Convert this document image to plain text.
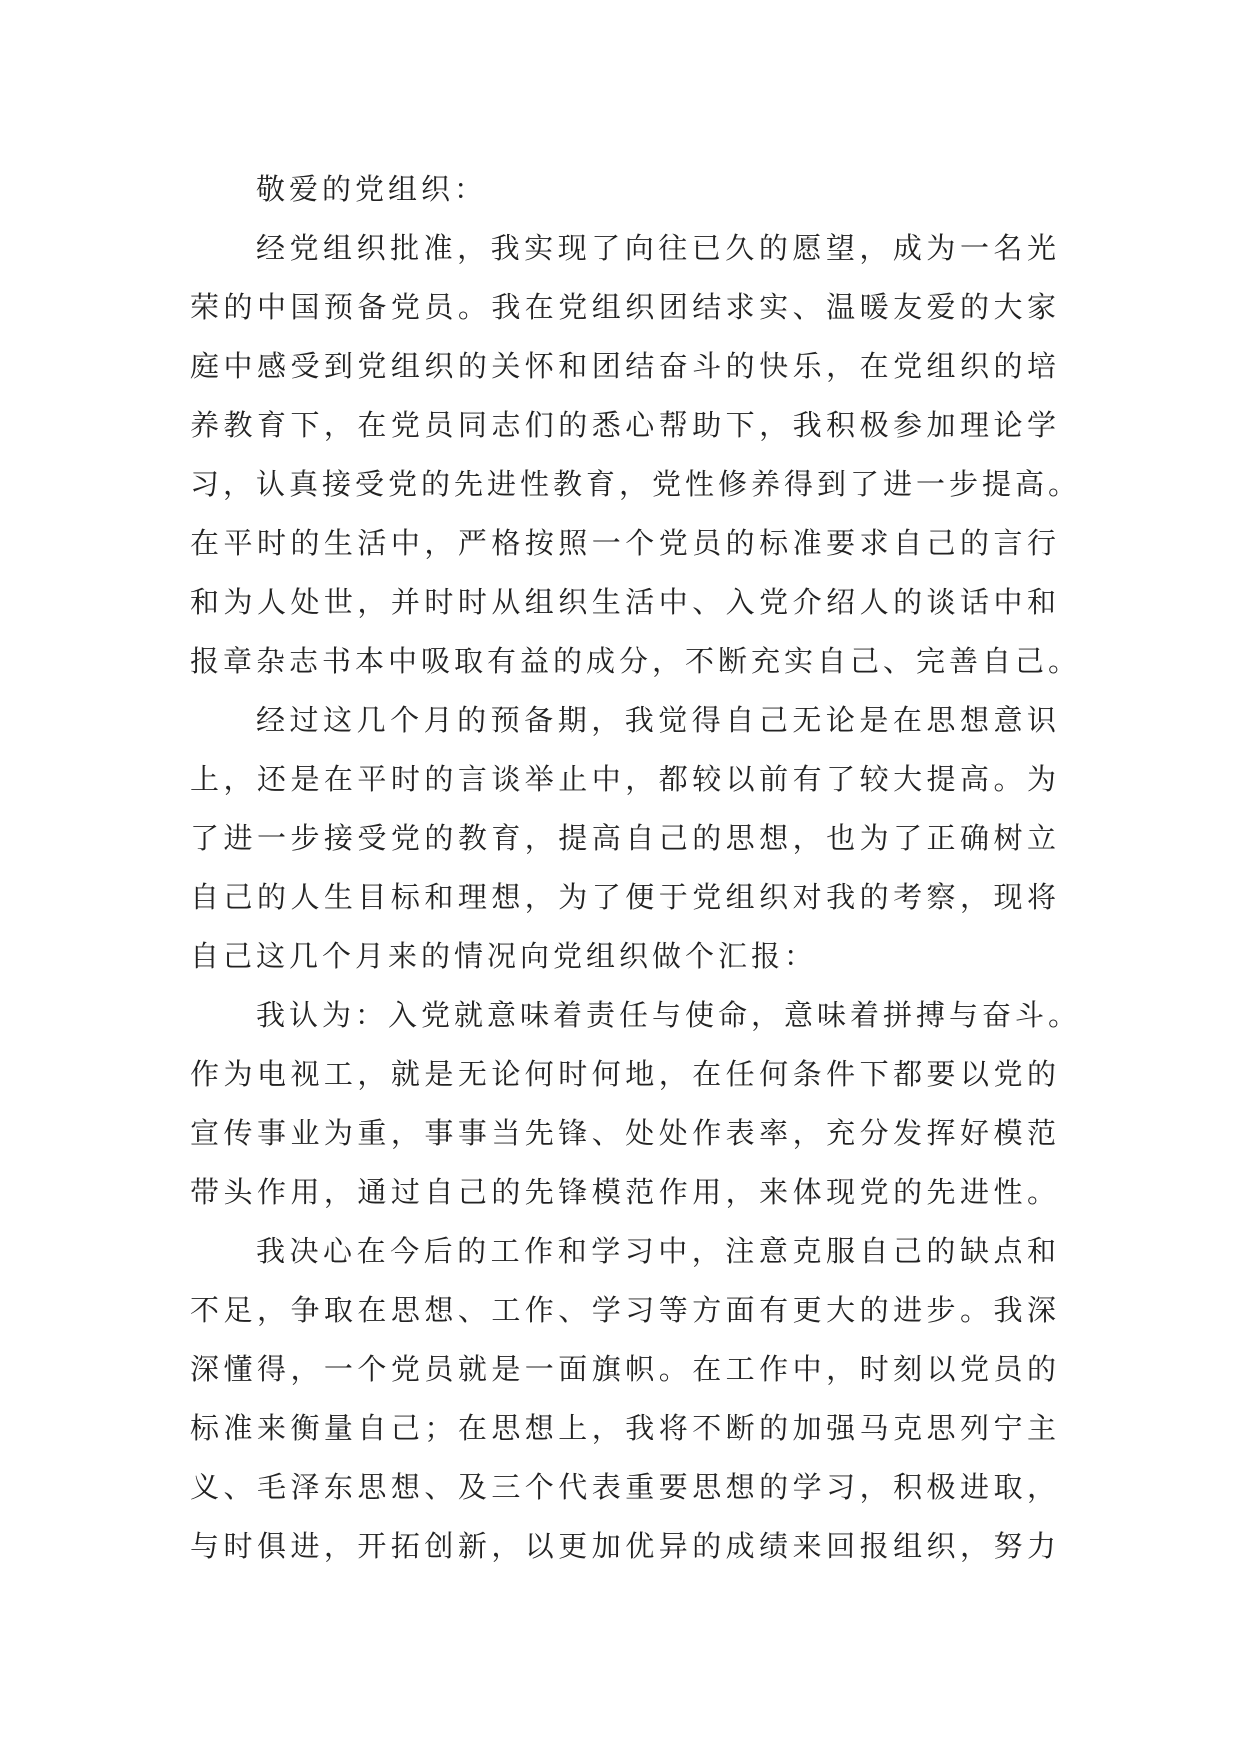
敬爱的党组织：
经党组织批准，我实现了向往已久的愿望，成为一名光
荣的中国预备党员。我在党组织团结求实、温暖友爱的大家
庭中感受到党组织的关怀和团结奋斗的快乐，在党组织的培
养教育下，在党员同志们的悉心帮助下，我积极参加理论学
习，认真接受党的先进性教育，党性修养得到了进一步提高。
在平时的生活中，严格按照一个党员的标准要求自己的言行
和为人处世，并时时从组织生活中、入党介绍人的谈话中和
报章杂志书本中吸取有益的成分，不断充实自己、完善自己。
经过这几个月的预备期，我觉得自己无论是在思想意识
上，还是在平时的言谈举止中，都较以前有了较大提高。为
了进一步接受党的教育，提高自己的思想，也为了正确树立
自己的人生目标和理想，为了便于党组织对我的考察，现将
自己这几个月来的情况向党组织做个汇报：
我认为：入党就意味着责任与使命，意味着拼搏与奋斗。
作为电视工，就是无论何时何地，在任何条件下都要以党的
宣传事业为重，事事当先锋、处处作表率，充分发挥好模范
带头作用，通过自己的先锋模范作用，来体现党的先进性。
我决心在今后的工作和学习中，注意克服自己的缺点和
不足，争取在思想、工作、学习等方面有更大的进步。我深
深懂得，一个党员就是一面旗帜。在工作中，时刻以党员的
标准来衡量自己；在思想上，我将不断的加强马克思列宁主
义、毛泽东思想、及三个代表重要思想的学习，积极进取，
与时俱进，开拓创新，以更加优异的成绩来回报组织，努力
